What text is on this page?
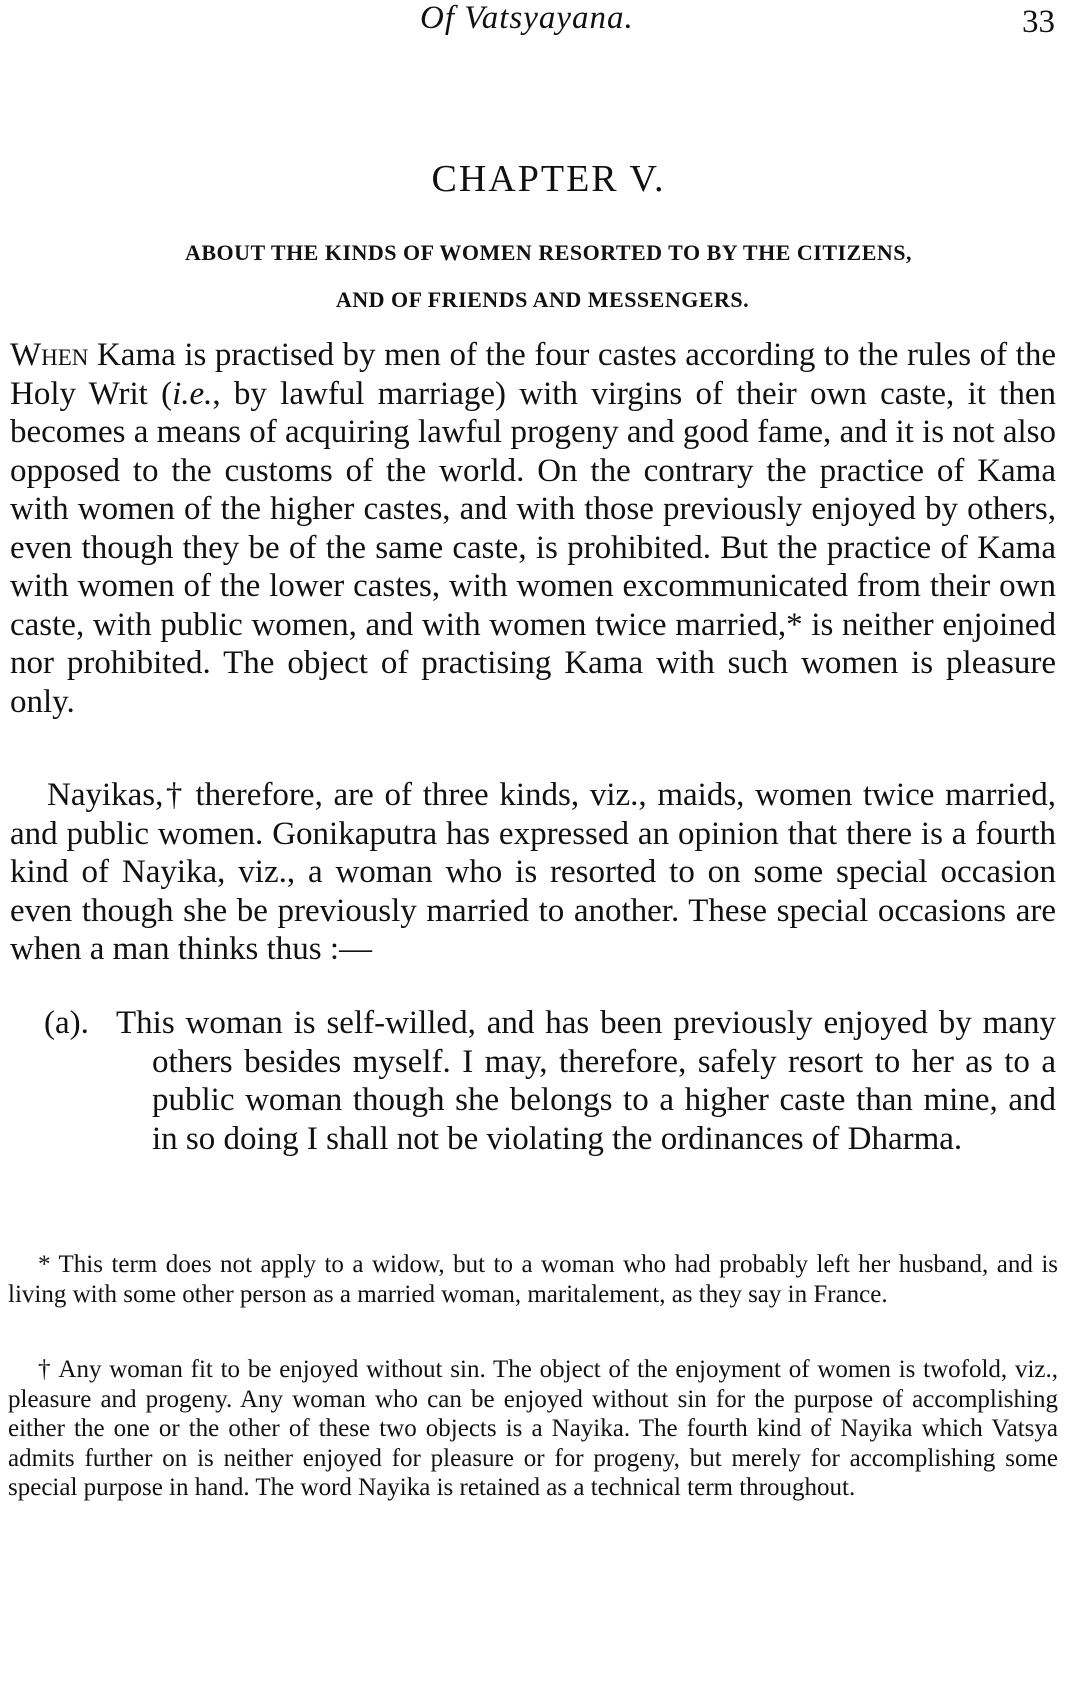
Of Vatsyayana.	33
CHAPTER V.
ABOUT THE KINDS OF WOMEN RESORTED TO BY THE CITIZENS,
AND OF FRIENDS AND MESSENGERS.
When Kama is practised by men of the four castes according to the rules of the Holy Writ (i.e., by lawful marriage) with virgins of their own caste, it then becomes a means of acquiring lawful progeny and good fame, and it is not also opposed to the customs of the world. On the contrary the practice of Kama with women of the higher castes, and with those previously enjoyed by others, even though they be of the same caste, is prohibited. But the practice of Kama with women of the lower castes, with women excommunicated from their own caste, with public women, and with women twice married,* is neither enjoined nor prohibited. The object of practising Kama with such women is pleasure only.
Nayikas,† therefore, are of three kinds, viz., maids, women twice married, and public women. Gonikaputra has expressed an opinion that there is a fourth kind of Nayika, viz., a woman who is resorted to on some special occasion even though she be previously married to another. These special occasions are when a man thinks thus :—
(a). This woman is self-willed, and has been previously enjoyed by many others besides myself. I may, therefore, safely resort to her as to a public woman though she belongs to a higher caste than mine, and in so doing I shall not be violating the ordinances of Dharma.
* This term does not apply to a widow, but to a woman who had probably left her husband, and is living with some other person as a married woman, maritalement, as they say in France.
† Any woman fit to be enjoyed without sin. The object of the enjoyment of women is twofold, viz., pleasure and progeny. Any woman who can be enjoyed without sin for the purpose of accomplishing either the one or the other of these two objects is a Nayika. The fourth kind of Nayika which Vatsya admits further on is neither enjoyed for pleasure or for progeny, but merely for accomplishing some special purpose in hand. The word Nayika is retained as a technical term throughout.
